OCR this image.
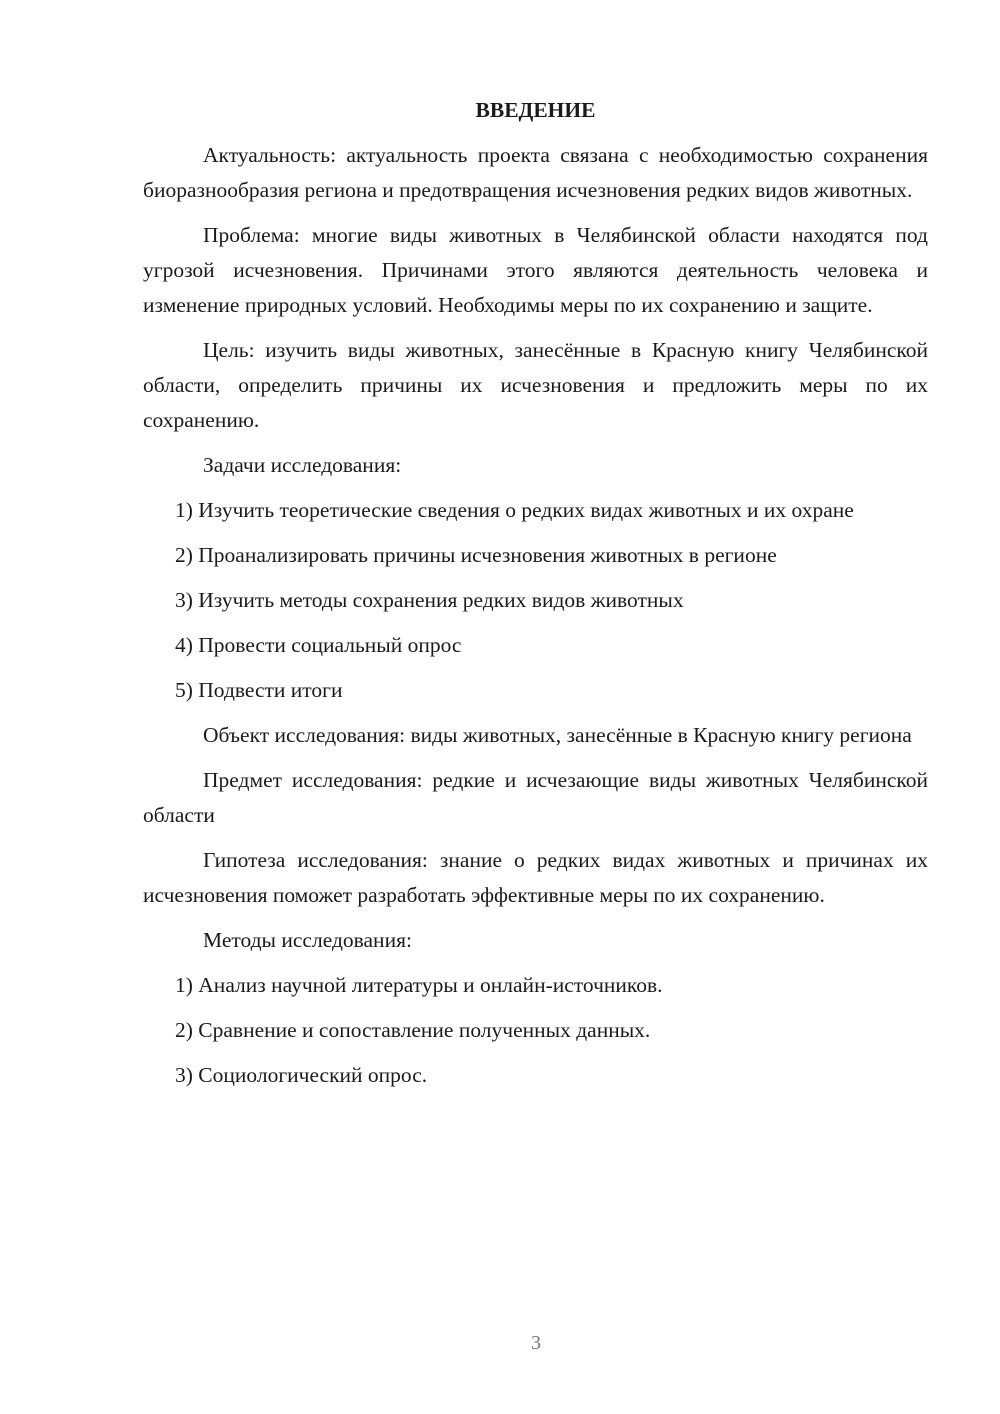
ВВЕДЕНИЕ

Актуальность: актуальность проекта связана с необходимостью сохранения биоразнообразия региона и предотвращения исчезновения редких видов животных.

Проблема: многие виды животных в Челябинской области находятся под угрозой исчезновения. Причинами этого являются деятельность человека и изменение природных условий. Необходимы меры по их сохранению и защите.

Цель: изучить виды животных, занесённые в Красную книгу Челябинской области, определить причины их исчезновения и предложить меры по их сохранению.

Задачи исследования:

1) Изучить теоретические сведения о редких видах животных и их охране

2) Проанализировать причины исчезновения животных в регионе

3) Изучить методы сохранения редких видов животных

4) Провести социальный опрос

5) Подвести итоги

Объект исследования: виды животных, занесённые в Красную книгу региона

Предмет исследования: редкие и исчезающие виды животных Челябинской области

Гипотеза исследования: знание о редких видах животных и причинах их исчезновения поможет разработать эффективные меры по их сохранению.

Методы исследования:

1) Анализ научной литературы и онлайн-источников.

2) Сравнение и сопоставление полученных данных.

3) Социологический опрос.

3
